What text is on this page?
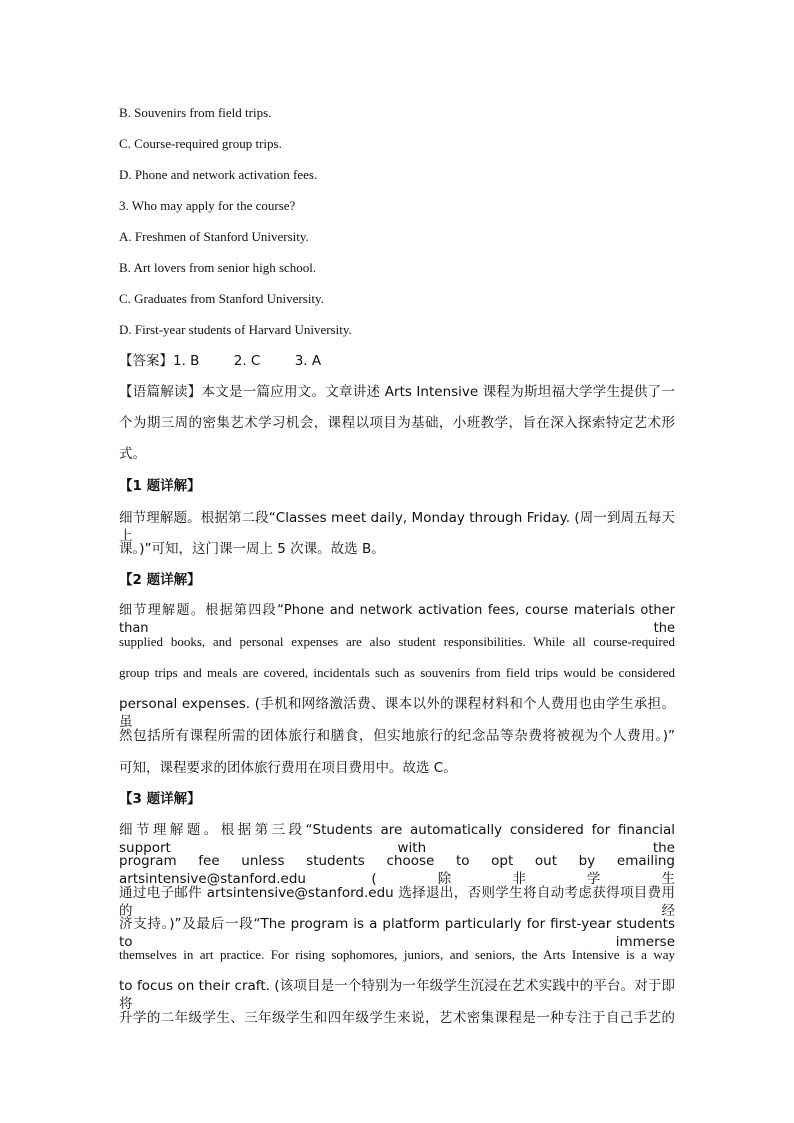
B. Souvenirs from field trips.
C. Course-required group trips.
D. Phone and network activation fees.
3. Who may apply for the course?
A. Freshmen of Stanford University.
B. Art lovers from senior high school.
C. Graduates from Stanford University.
D. First-year students of Harvard University.
【答案】1. B        2. C        3. A
【语篇解读】本文是一篇应用文。文章讲述 Arts Intensive 课程为斯坦福大学学生提供了一
个为期三周的密集艺术学习机会，课程以项目为基础，小班教学，旨在深入探索特定艺术形
式。
【1 题详解】
细节理解题。根据第二段“Classes meet daily, Monday through Friday. (周一到周五每天上
课。)”可知，这门课一周上 5 次课。故选 B。
【2 题详解】
细节理解题。根据第四段“Phone and network activation fees, course materials other than the
supplied books, and personal expenses are also student responsibilities. While all course-required
group trips and meals are covered, incidentals such as souvenirs from field trips would be considered
personal expenses. (手机和网络激活费、课本以外的课程材料和个人费用也由学生承担。虽
然包括所有课程所需的团体旅行和膳食，但实地旅行的纪念品等杂费将被视为个人费用。)”
可知，课程要求的团体旅行费用在项目费用中。故选 C。
【3 题详解】
细节理解题。根据第三段“Students are automatically considered for financial support with the
program fee unless students choose to opt out by emailing artsintensive@stanford.edu (除非学生
通过电子邮件 artsintensive@stanford.edu 选择退出，否则学生将自动考虑获得项目费用的经
济支持。)”及最后一段“The program is a platform particularly for first-year students to immerse
themselves in art practice. For rising sophomores, juniors, and seniors, the Arts Intensive is a way
to focus on their craft. (该项目是一个特别为一年级学生沉浸在艺术实践中的平台。对于即将
升学的二年级学生、三年级学生和四年级学生来说，艺术密集课程是一种专注于自己手艺的
